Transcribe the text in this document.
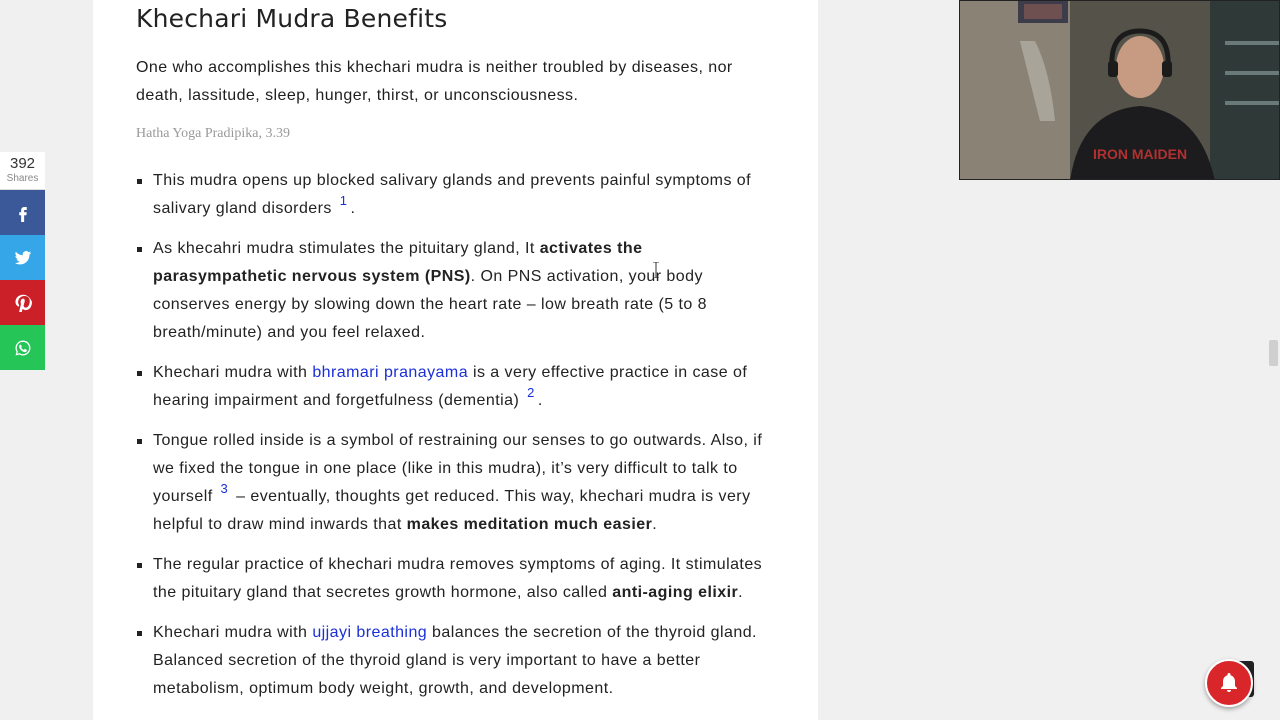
Khechari Mudra Benefits

One who accomplishes this khechari mudra is neither troubled by diseases, nor death, lassitude, sleep, hunger, thirst, or unconsciousness.

Hatha Yoga Pradipika, 3.39

This mudra opens up blocked salivary glands and prevents painful symptoms of salivary gland disorders $^1$ .
As khecahri mudra stimulates the pituitary gland, It activates the parasympathetic nervous system (PNS). On PNS activation, your body conserves energy by slowing down the heart rate – low breath rate (5 to 8 breath/minute) and you feel relaxed.
Khechari mudra with bhramari pranayama is a very effective practice in case of hearing impairment and forgetfulness (dementia) $^2$ .
Tongue rolled inside is a symbol of restraining our senses to go outwards. Also, if we fixed the tongue in one place (like in this mudra), it’s very difficult to talk to yourself $^3$ – eventually, thoughts get reduced. This way, khechari mudra is very helpful to draw mind inwards that makes meditation much easier.
The regular practice of khechari mudra removes symptoms of aging. It stimulates the pituitary gland that secretes growth hormone, also called anti-aging elixir.
Khechari mudra with ujjayi breathing balances the secretion of the thyroid gland. Balanced secretion of the thyroid gland is very important to have a better metabolism, optimum body weight, growth, and development.
392
Shares
IRON MAIDEN
